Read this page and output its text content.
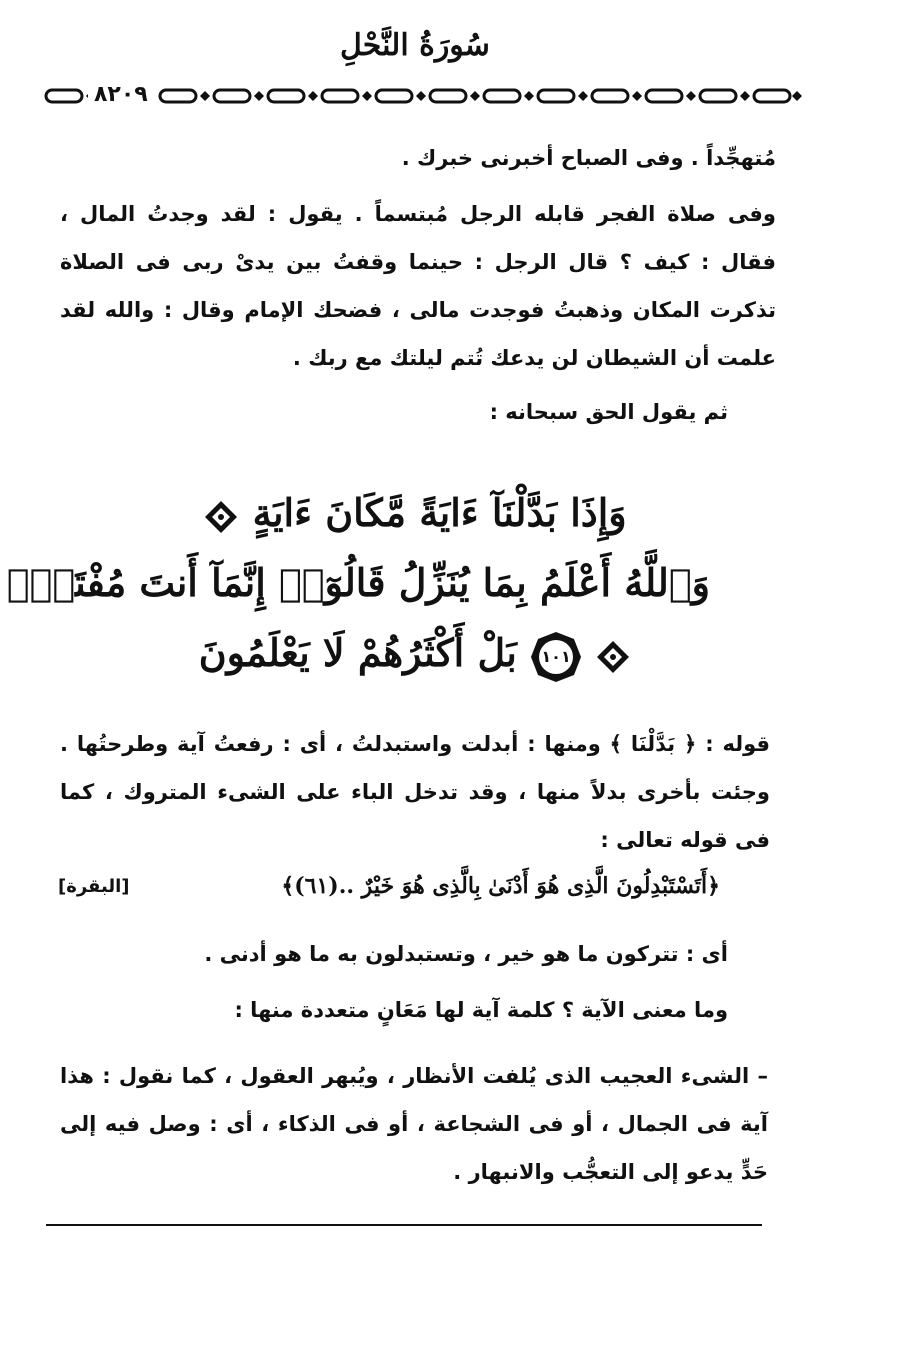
سُورَةُ النَّحْلِ
٨٢٠٩

مُتهجِّداً . وفى الصباح أخبرنى خبرك .

وفى صلاة الفجر قابله الرجل مُبتسماً . يقول : لقد وجدتُ المال ، فقال : كيف ؟ قال الرجل : حينما وقفتُ بين يدىْ ربى فى الصلاة تذكرت المكان وذهبتُ فوجدت مالى ، فضحك الإمام وقال : والله لقد علمت أن الشيطان لن يدعك تُتم ليلتك مع ربك .

ثم يقول الحق سبحانه :

وَإِذَا بَدَّلْنَآ ءَايَةً مَّكَانَ ءَايَةٍ
وَٱللَّهُ أَعْلَمُ بِمَا يُنَزِّلُ قَالُوٓا۟ إِنَّمَآ أَنتَ مُفْتَرٍۭ

١٠١
بَلْ أَكْثَرُهُمْ لَا يَعْلَمُونَ

قوله : ﴿ بَدَّلْنَا ﴾ ومنها : أبدلت واستبدلتُ ، أى : رفعتُ آية وطرحتُها . وجئت بأخرى بدلاً منها ، وقد تدخل الباء على الشىء المتروك ، كما فى قوله تعالى :

﴿أَتَسْتَبْدِلُونَ الَّذِى هُوَ أَدْنَىٰ بِالَّذِى هُوَ خَيْرٌ ..(٦١)﴾
[البقرة]

أى : تتركون ما هو خير ، وتستبدلون به ما هو أدنى .

وما معنى الآية ؟ كلمة آية لها مَعَانٍ متعددة منها :

– الشىء العجيب الذى يُلفت الأنظار ، ويُبهر العقول ، كما نقول : هذا آية فى الجمال ، أو فى الشجاعة ، أو فى الذكاء ، أى : وصل فيه إلى حَدٍّ يدعو إلى التعجُّب والانبهار .
